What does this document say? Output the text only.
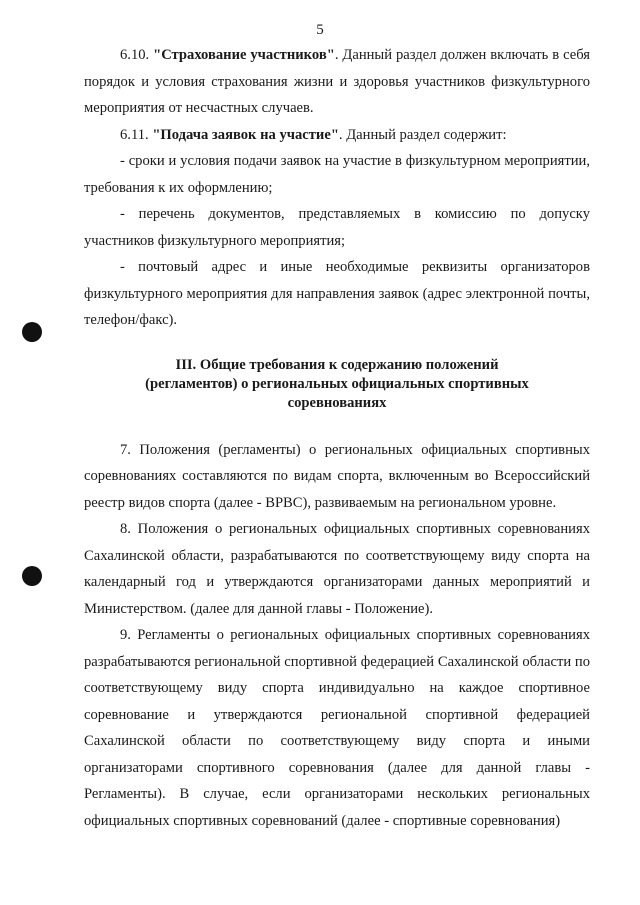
5

6.10. "Страхование участников". Данный раздел должен включать в себя порядок и условия страхования жизни и здоровья участников физкультурного мероприятия от несчастных случаев.

6.11. "Подача заявок на участие". Данный раздел содержит:

- сроки и условия подачи заявок на участие в физкультурном мероприятии, требования к их оформлению;

- перечень документов, представляемых в комиссию по допуску участников физкультурного мероприятия;

- почтовый адрес и иные необходимые реквизиты организаторов физкультурного мероприятия для направления заявок (адрес электронной почты, телефон/факс).

III. Общие требования к содержанию положений
(регламентов) о региональных официальных спортивных
соревнованиях

7. Положения (регламенты) о региональных официальных спортивных соревнованиях составляются по видам спорта, включенным во Всероссийский реестр видов спорта (далее - ВРВС), развиваемым на региональном уровне.

8. Положения о региональных официальных спортивных соревнованиях Сахалинской области, разрабатываются по соответствующему виду спорта на календарный год и утверждаются организаторами данных мероприятий и Министерством. (далее для данной главы - Положение).

9. Регламенты о региональных официальных спортивных соревнованиях разрабатываются региональной спортивной федерацией Сахалинской области по соответствующему виду спорта индивидуально на каждое спортивное соревнование и утверждаются региональной спортивной федерацией Сахалинской области по соответствующему виду спорта и иными организаторами спортивного соревнования (далее для данной главы - Регламенты). В случае, если организаторами нескольких региональных официальных спортивных соревнований (далее - спортивные соревнования)
